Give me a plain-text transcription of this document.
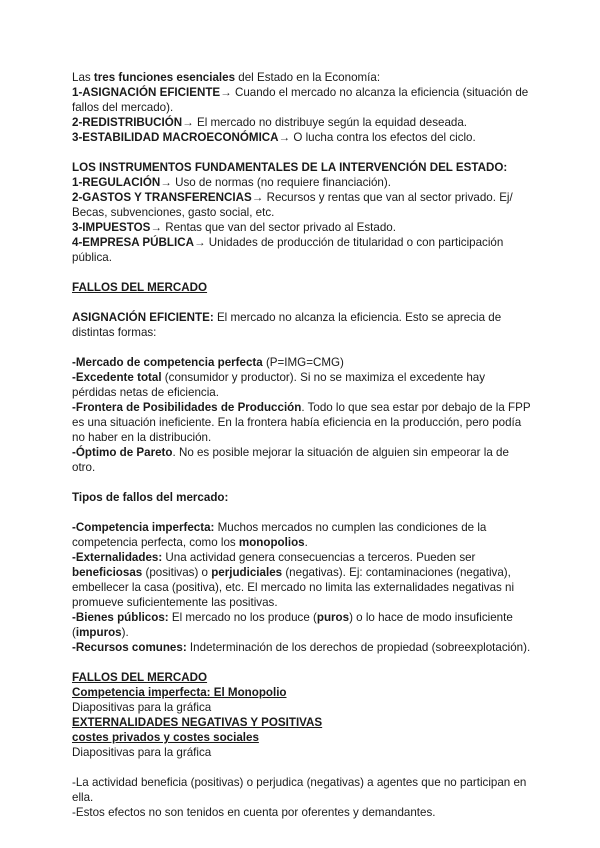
Las tres funciones esenciales del Estado en la Economía:

1-ASIGNACIÓN EFICIENTE→ Cuando el mercado no alcanza la eficiencia (situación de fallos del mercado).

2-REDISTRIBUCIÓN→ El mercado no distribuye según la equidad deseada.

3-ESTABILIDAD MACROECONÓMICA→ O lucha contra los efectos del ciclo.

LOS INSTRUMENTOS FUNDAMENTALES DE LA INTERVENCIÓN DEL ESTADO:

1-REGULACIÓN→ Uso de normas (no requiere financiación).

2-GASTOS Y TRANSFERENCIAS→ Recursos y rentas que van al sector privado. Ej/ Becas, subvenciones, gasto social, etc.

3-IMPUESTOS→ Rentas que van del sector privado al Estado.

4-EMPRESA PÚBLICA→ Unidades de producción de titularidad o con participación pública.

FALLOS DEL MERCADO

ASIGNACIÓN EFICIENTE: El mercado no alcanza la eficiencia. Esto se aprecia de distintas formas:

-Mercado de competencia perfecta (P=IMG=CMG)

-Excedente total (consumidor y productor). Si no se maximiza el excedente hay pérdidas netas de eficiencia.

-Frontera de Posibilidades de Producción. Todo lo que sea estar por debajo de la FPP es una situación ineficiente. En la frontera había eficiencia en la producción, pero podía no haber en la distribución.

-Óptimo de Pareto. No es posible mejorar la situación de alguien sin empeorar la de otro.

Tipos de fallos del mercado:

-Competencia imperfecta: Muchos mercados no cumplen las condiciones de la competencia perfecta, como los monopolios.

-Externalidades: Una actividad genera consecuencias a terceros. Pueden ser beneficiosas (positivas) o perjudiciales (negativas). Ej: contaminaciones (negativa), embellecer la casa (positiva), etc. El mercado no limita las externalidades negativas ni promueve suficientemente las positivas.

-Bienes públicos: El mercado no los produce (puros) o lo hace de modo insuficiente (impuros).

-Recursos comunes: Indeterminación de los derechos de propiedad (sobreexplotación).

FALLOS DEL MERCADO

Competencia imperfecta: El Monopolio

Diapositivas para la gráfica

EXTERNALIDADES NEGATIVAS Y POSITIVAS

costes privados y costes sociales

Diapositivas para la gráfica

-La actividad beneficia (positivas) o perjudica (negativas) a agentes que no participan en ella.

-Estos efectos no son tenidos en cuenta por oferentes y demandantes.
